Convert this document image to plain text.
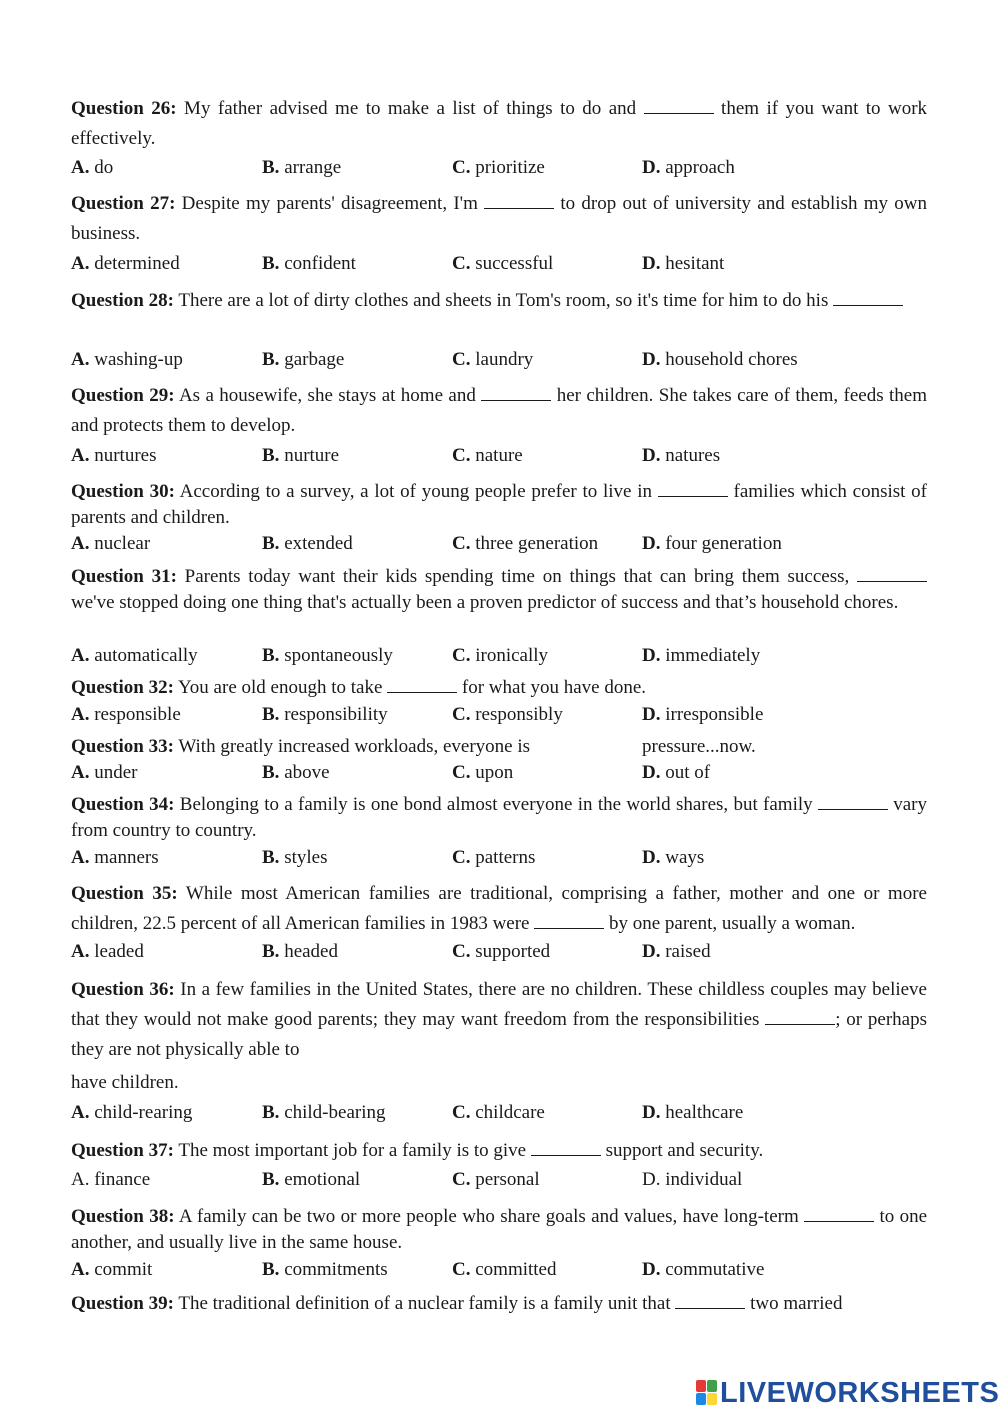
Question 26: My father advised me to make a list of things to do and	them if you want to work effectively.
A. do	B. arrange	C. prioritize	D. approach
Question 27: Despite my parents' disagreement, I'm	to drop out of university and establish my own business.
A. determined	B. confident	C. successful	D. hesitant
Question 28: There are a lot of dirty clothes and sheets in Tom's room, so it's time for him to do his
A. washing-up	B. garbage	C. laundry	D. household chores
Question 29: As a housewife, she stays at home and	her children. She takes care of them, feeds them and protects them to develop.
A. nurtures	B. nurture	C. nature	D. natures
Question 30: According to a survey, a lot of young people prefer to live in	families which consist of parents and children.
A. nuclear	B. extended	C. three generation D. four generation
Question 31: Parents today want their kids spending time on things that can bring them success,  we've stopped doing one thing that's actually been a proven predictor of success and that’s household chores.
A. automatically	B. spontaneously	C. ironically	D. immediately
Question 32: You are old enough to take	for what you have done.
A. responsible	B. responsibility	C. responsibly	D. irresponsible
Question 33: With greatly increased workloads, everyone is	pressure...now.
A. under	B. above	C. upon	D. out of
Question 34: Belonging to a family is one bond almost everyone in the world shares, but family	vary from country to country.
A. manners	B. styles	C. patterns	D. ways
Question 35: While most American families are traditional, comprising a father, mother and one or more children, 22.5 percent of all American families in 1983 were	by one parent, usually a woman.
A. leaded	B. headed	C. supported	D. raised
Question 36: In a few families in the United States, there are no children. These childless couples may believe that they would not make good parents; they may want freedom from the responsibilities	; or perhaps they are not physically able to
have children.
A. child-rearing	B. child-bearing	C. childcare	D. healthcare
Question 37: The most important job for a family is to give	support and security.
A. finance	B. emotional	C. personal	D. individual
Question 38: A family can be two or more people who share goals and values, have long-term	to one another, and usually live in the same house.
A. commit	B. commitments	C. committed	D. commutative
Question 39: The traditional definition of a nuclear family is a family unit that	two married
LIVEWORKSHEETS
